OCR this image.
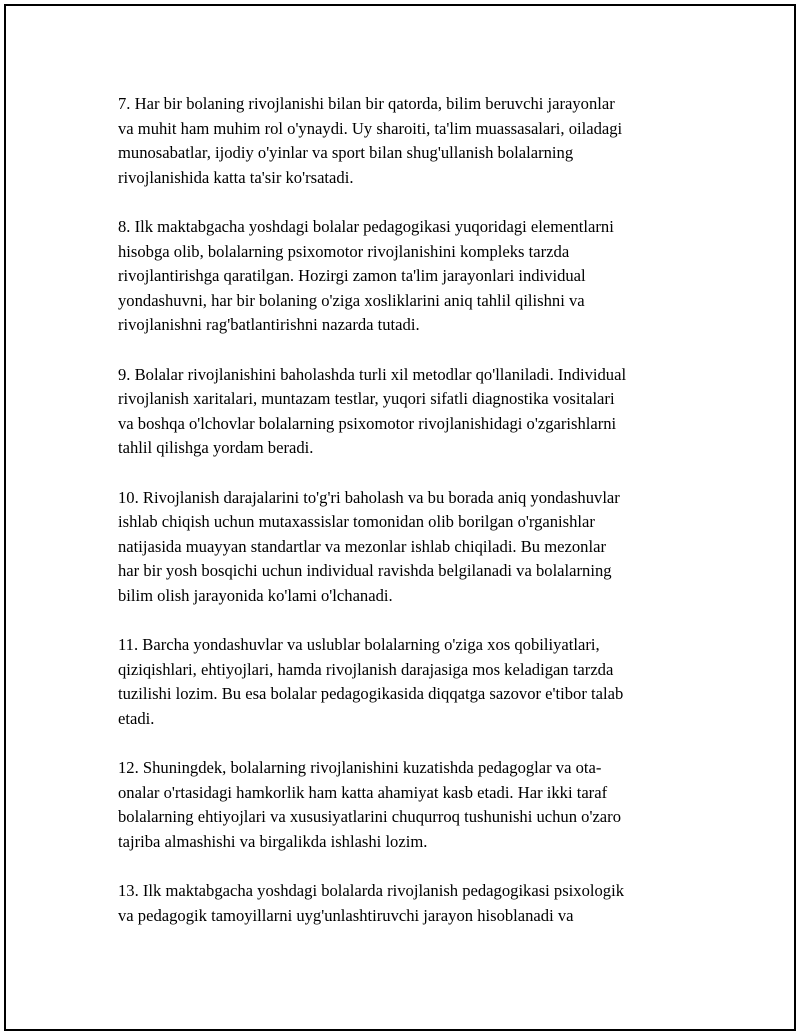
7. Har bir bolaning rivojlanishi bilan bir qatorda, bilim beruvchi jarayonlar
va muhit ham muhim rol o'ynaydi. Uy sharoiti, ta'lim muassasalari, oiladagi
munosabatlar, ijodiy o'yinlar va sport bilan shug'ullanish bolalarning
rivojlanishida katta ta'sir ko'rsatadi.

8. Ilk maktabgacha yoshdagi bolalar pedagogikasi yuqoridagi elementlarni
hisobga olib, bolalarning psixomotor rivojlanishini kompleks tarzda
rivojlantirishga qaratilgan. Hozirgi zamon ta'lim jarayonlari individual
yondashuvni, har bir bolaning o'ziga xosliklarini aniq tahlil qilishni va
rivojlanishni rag'batlantirishni nazarda tutadi.

9. Bolalar rivojlanishini baholashda turli xil metodlar qo'llaniladi. Individual
rivojlanish xaritalari, muntazam testlar, yuqori sifatli diagnostika vositalari
va boshqa o'lchovlar bolalarning psixomotor rivojlanishidagi o'zgarishlarni
tahlil qilishga yordam beradi.

10. Rivojlanish darajalarini to'g'ri baholash va bu borada aniq yondashuvlar
ishlab chiqish uchun mutaxassislar tomonidan olib borilgan o'rganishlar
natijasida muayyan standartlar va mezonlar ishlab chiqiladi. Bu mezonlar
har bir yosh bosqichi uchun individual ravishda belgilanadi va bolalarning
bilim olish jarayonida ko'lami o'lchanadi.

11. Barcha yondashuvlar va uslublar bolalarning o'ziga xos qobiliyatlari,
qiziqishlari, ehtiyojlari, hamda rivojlanish darajasiga mos keladigan tarzda
tuzilishi lozim. Bu esa bolalar pedagogikasida diqqatga sazovor e'tibor talab
etadi.

12. Shuningdek, bolalarning rivojlanishini kuzatishda pedagoglar va ota-
onalar o'rtasidagi hamkorlik ham katta ahamiyat kasb etadi. Har ikki taraf
bolalarning ehtiyojlari va xususiyatlarini chuqurroq tushunishi uchun o'zaro
tajriba almashishi va birgalikda ishlashi lozim.

13. Ilk maktabgacha yoshdagi bolalarda rivojlanish pedagogikasi psixologik
va pedagogik tamoyillarni uyg'unlashtiruvchi jarayon hisoblanadi va
